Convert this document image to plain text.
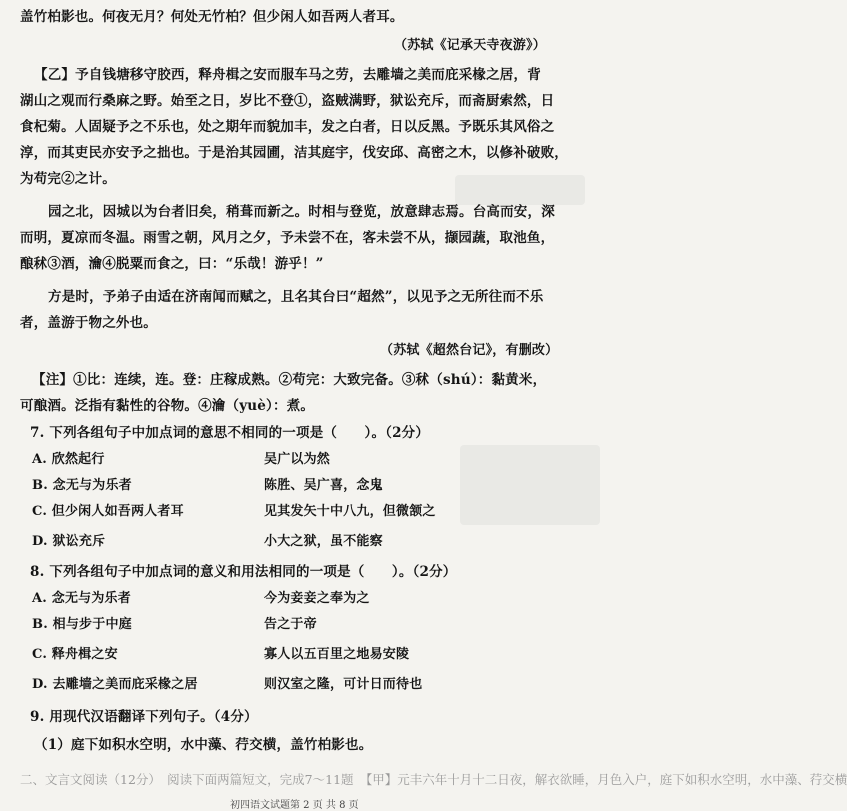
盖竹柏影也。何夜无月？何处无竹柏？但少闲人如吾两人者耳。
（苏轼《记承天寺夜游》）
【乙】予自钱塘移守胶西，释舟楫之安而服车马之劳，去雕墙之美而庇采椽之居，背
湖山之观而行桑麻之野。始至之日，岁比不登①，盗贼满野，狱讼充斥，而斋厨索然，日
食杞菊。人固疑予之不乐也，处之期年而貌加丰，发之白者，日以反黑。予既乐其风俗之
淳，而其吏民亦安予之拙也。于是治其园圃，洁其庭宇，伐安邱、高密之木，以修补破败，
为苟完②之计。
园之北，因城以为台者旧矣，稍葺而新之。时相与登览，放意肆志焉。台高而安，深
而明，夏凉而冬温。雨雪之朝，风月之夕，予未尝不在，客未尝不从，撷园蔬，取池鱼，
酿秫③酒，瀹④脱粟而食之，曰：“乐哉！游乎！”
方是时，予弟子由适在济南闻而赋之，且名其台曰“超然”，以见予之无所往而不乐
者，盖游于物之外也。
（苏轼《超然台记》，有删改）
【注】①比：连续，连。登：庄稼成熟。②苟完：大致完备。③秫（shú）：黏黄米，
可酿酒。泛指有黏性的谷物。④瀹（yuè）：煮。
7. 下列各组句子中加点词的意思不相同的一项是（　　）。（2分）
A. 欣然起行	吴广以为然
B. 念无与为乐者	陈胜、吴广喜，念鬼
C. 但少闲人如吾两人者耳	见其发矢十中八九，但微颔之
D. 狱讼充斥	小大之狱，虽不能察
8. 下列各组句子中加点词的意义和用法相同的一项是（　　）。（2分）
A. 念无与为乐者	今为妾妾之奉为之
B. 相与步于中庭	告之于帝
C. 释舟楫之安	寡人以五百里之地易安陵
D. 去雕墙之美而庇采椽之居	则汉室之隆，可计日而待也
9. 用现代汉语翻译下列句子。（4分）
（1）庭下如积水空明，水中藻、荇交横，盖竹柏影也。
二、文言文阅读（12分）　阅读下面两篇短文，完成7～11题　【甲】元丰六年十月十二日夜，解衣欲睡，月色入户，庭下如积水空明，水中藻、荇交横
初四语文试题第 2 页 共 8 页
